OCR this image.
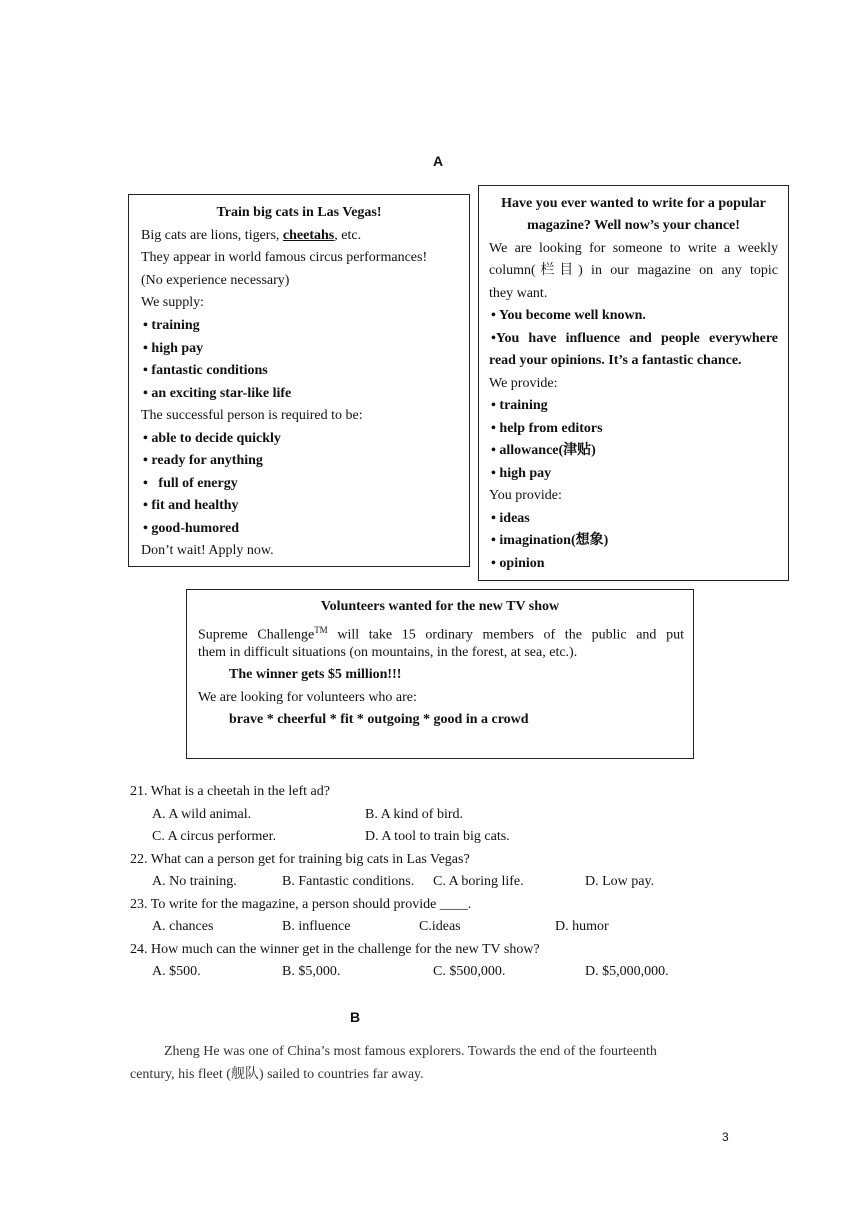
A
Train big cats in Las Vegas!
Big cats are lions, tigers, cheetahs, etc.
They appear in world famous circus performances!
(No experience necessary)
We supply:
• training
• high pay
• fantastic conditions
• an exciting star-like life
The successful person is required to be:
• able to decide quickly
• ready for anything
• full of energy
• fit and healthy
• good-humored
Don’t wait! Apply now.
Have you ever wanted to write for a popular
magazine? Well now’s your chance!
We are looking for someone to write a weekly
column(栏目) in our magazine on any topic
they want.
• You become well known.
•You have influence and people everywhere
read your opinions. It’s a fantastic chance.
We provide:
• training
• help from editors
• allowance(津贴)
• high pay
You provide:
• ideas
• imagination(想象)
• opinion
Volunteers wanted for the new TV show
Supreme Challenge™ will take 15 ordinary members of the public and put
them in difficult situations (on mountains, in the forest, at sea, etc.).
The winner gets $5 million!!!
We are looking for volunteers who are:
brave * cheerful * fit * outgoing * good in a crowd
21. What is a cheetah in the left ad?
A. A wild animal.	B. A kind of bird.
C. A circus performer.	D. A tool to train big cats.
22. What can a person get for training big cats in Las Vegas?
A. No training.	B. Fantastic conditions. C. A boring life.	D. Low pay.
23. To write for the magazine, a person should provide ____.
A. chances	B. influence	C.ideas	D. humor
24. How much can the winner get in the challenge for the new TV show?
A. $500.	B. $5,000.	C. $500,000.	D. $5,000,000.
B
Zheng He was one of China’s most famous explorers. Towards the end of the fourteenth
century, his fleet (舰队) sailed to countries far away.
3
